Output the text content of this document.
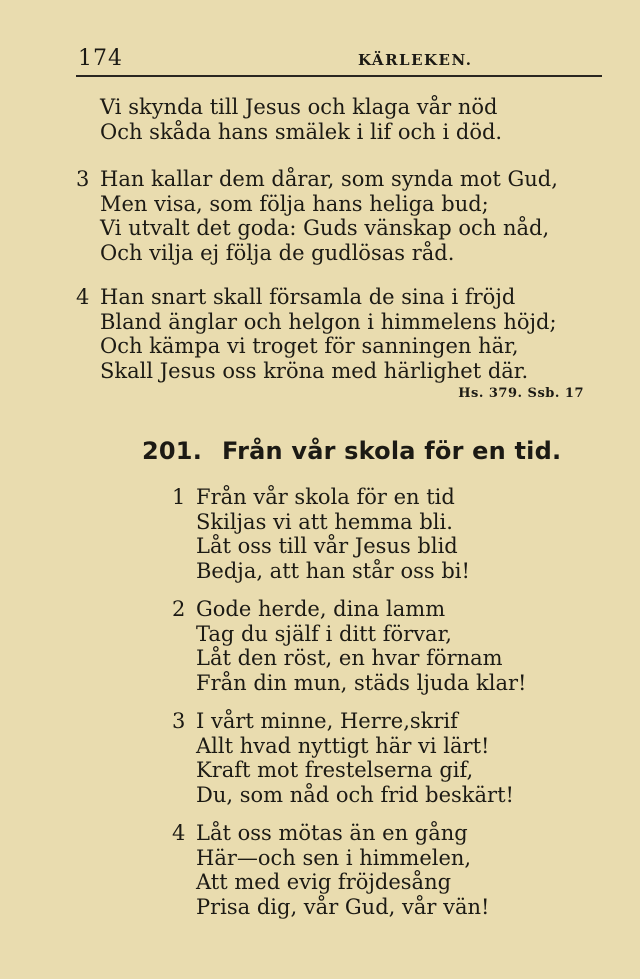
174	KÄRLEKEN.
Vi skynda till Jesus och klaga vår nöd
Och skåda hans smälek i lif och i död.
3 Han kallar dem dårar, som synda mot Gud,
Men visa, som följa hans heliga bud;
Vi utvalt det goda: Guds vänskap och nåd,
Och vilja ej följa de gudlösas råd.
4 Han snart skall församla de sina i fröjd
Bland änglar och helgon i himmelens höjd;
Och kämpa vi troget för sanningen här,
Skall Jesus oss kröna med härlighet där.
Hs. 379. Ssb. 17
201. Från vår skola för en tid.
1 Från vår skola för en tid
Skiljas vi att hemma bli.
Låt oss till vår Jesus blid
Bedja, att han står oss bi!
2 Gode herde, dina lamm
Tag du själf i ditt förvar,
Låt den röst, en hvar förnam
Från din mun, städs ljuda klar!
3 I vårt minne, Herre,skrif
Allt hvad nyttigt här vi lärt!
Kraft mot frestelserna gif,
Du, som nåd och frid beskärt!
4 Låt oss mötas än en gång
Här—och sen i himmelen,
Att med evig fröjdesång
Prisa dig, vår Gud, vår vän!
